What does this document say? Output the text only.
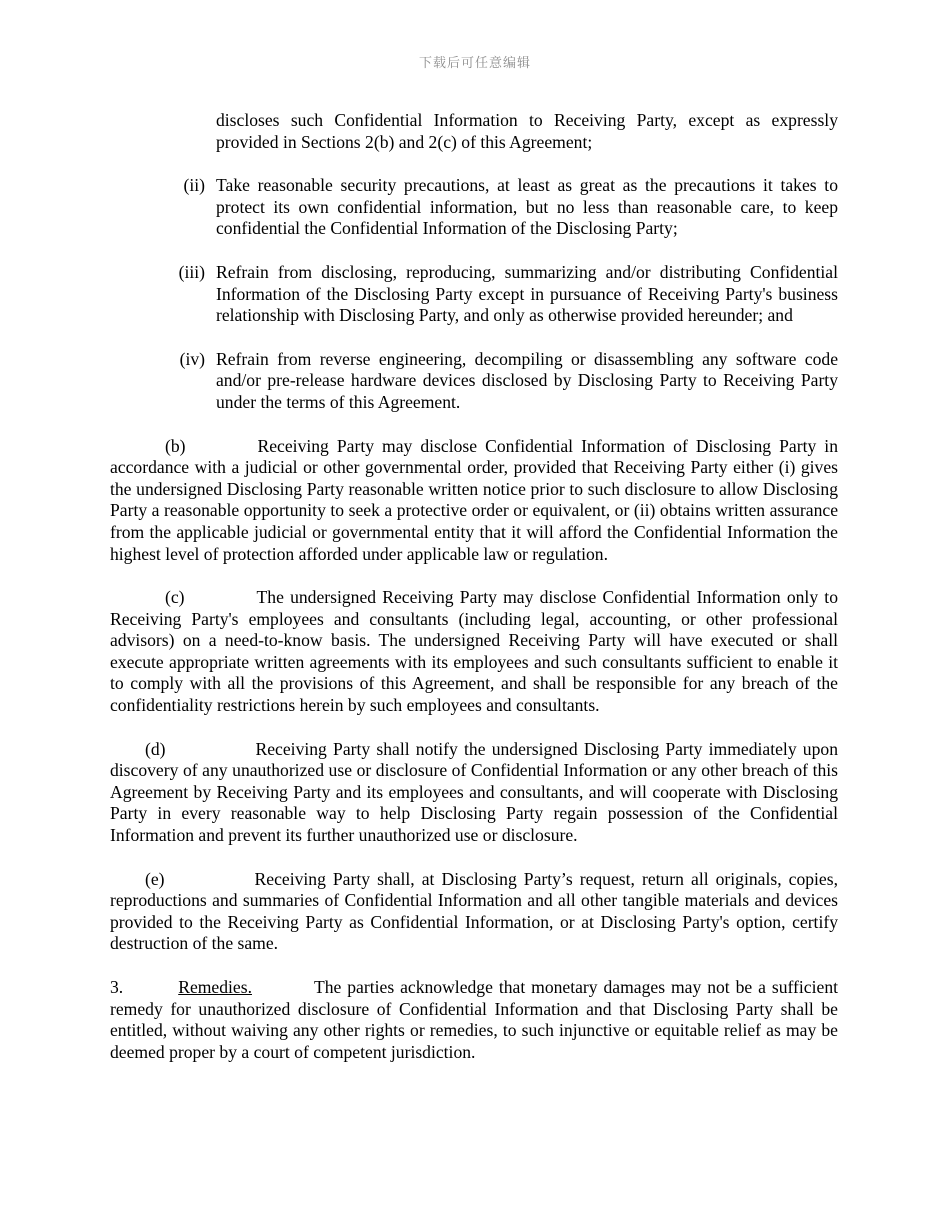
下载后可任意编辑

discloses such Confidential Information to Receiving Party, except as expressly provided in Sections 2(b) and 2(c) of this Agreement;

(ii) Take reasonable security precautions, at least as great as the precautions it takes to protect its own confidential information, but no less than reasonable care, to keep confidential the Confidential Information of the Disclosing Party;

(iii) Refrain from disclosing, reproducing, summarizing and/or distributing Confidential Information of the Disclosing Party except in pursuance of Receiving Party's business relationship with Disclosing Party, and only as otherwise provided hereunder; and

(iv) Refrain from reverse engineering, decompiling or disassembling any software code and/or pre-release hardware devices disclosed by Disclosing Party to Receiving Party under the terms of this Agreement.

(b)	Receiving Party may disclose Confidential Information of Disclosing Party in accordance with a judicial or other governmental order, provided that Receiving Party either (i) gives the undersigned Disclosing Party reasonable written notice prior to such disclosure to allow Disclosing Party a reasonable opportunity to seek a protective order or equivalent, or (ii) obtains written assurance from the applicable judicial or governmental entity that it will afford the Confidential Information the highest level of protection afforded under applicable law or regulation.

(c)	The undersigned Receiving Party may disclose Confidential Information only to Receiving Party's employees and consultants (including legal, accounting, or other professional advisors) on a need-to-know basis. The undersigned Receiving Party will have executed or shall execute appropriate written agreements with its employees and such consultants sufficient to enable it to comply with all the provisions of this Agreement, and shall be responsible for any breach of the confidentiality restrictions herein by such employees and consultants.

(d)	Receiving Party shall notify the undersigned Disclosing Party immediately upon discovery of any unauthorized use or disclosure of Confidential Information or any other breach of this Agreement by Receiving Party and its employees and consultants, and will cooperate with Disclosing Party in every reasonable way to help Disclosing Party regain possession of the Confidential Information and prevent its further unauthorized use or disclosure.

(e)	Receiving Party shall, at Disclosing Party’s request, return all originals, copies, reproductions and summaries of Confidential Information and all other tangible materials and devices provided to the Receiving Party as Confidential Information, or at Disclosing Party's option, certify destruction of the same.

3.	Remedies.	The parties acknowledge that monetary damages may not be a sufficient remedy for unauthorized disclosure of Confidential Information and that Disclosing Party shall be entitled, without waiving any other rights or remedies, to such injunctive or equitable relief as may be deemed proper by a court of competent jurisdiction.
